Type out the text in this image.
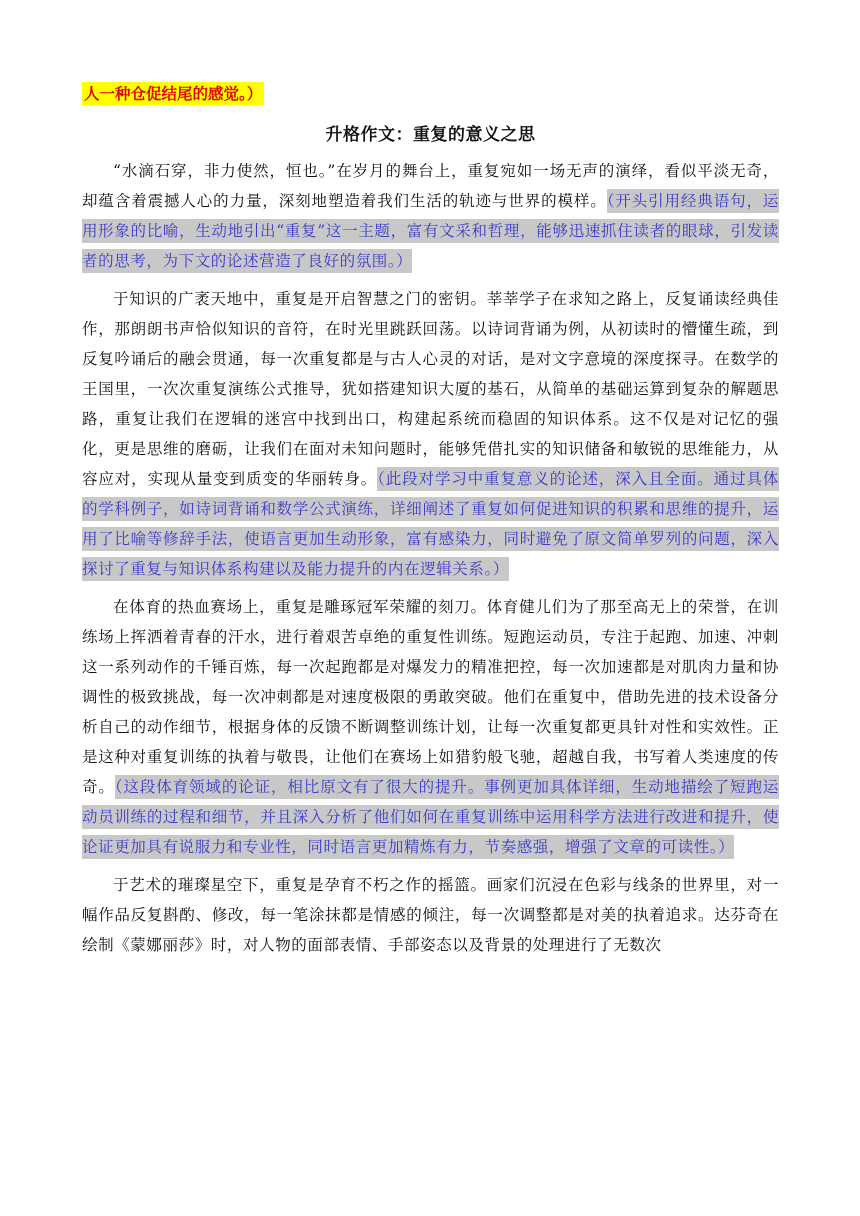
人一种仓促结尾的感觉。）

升格作文：重复的意义之思

“水滴石穿，非力使然，恒也。”在岁月的舞台上，重复宛如一场无声的演绎，看似平淡无奇，却蕴含着震撼人心的力量，深刻地塑造着我们生活的轨迹与世界的模样。（开头引用经典语句，运用形象的比喻，生动地引出“重复”这一主题，富有文采和哲理，能够迅速抓住读者的眼球，引发读者的思考，为下文的论述营造了良好的氛围。）

于知识的广袤天地中，重复是开启智慧之门的密钥。莘莘学子在求知之路上，反复诵读经典佳作，那朗朗书声恰似知识的音符，在时光里跳跃回荡。以诗词背诵为例，从初读时的懵懂生疏，到反复吟诵后的融会贯通，每一次重复都是与古人心灵的对话，是对文字意境的深度探寻。在数学的王国里，一次次重复演练公式推导，犹如搭建知识大厦的基石，从简单的基础运算到复杂的解题思路，重复让我们在逻辑的迷宫中找到出口，构建起系统而稳固的知识体系。这不仅是对记忆的强化，更是思维的磨砺，让我们在面对未知问题时，能够凭借扎实的知识储备和敏锐的思维能力，从容应对，实现从量变到质变的华丽转身。（此段对学习中重复意义的论述，深入且全面。通过具体的学科例子，如诗词背诵和数学公式演练，详细阐述了重复如何促进知识的积累和思维的提升，运用了比喻等修辞手法，使语言更加生动形象，富有感染力，同时避免了原文简单罗列的问题，深入探讨了重复与知识体系构建以及能力提升的内在逻辑关系。）

在体育的热血赛场上，重复是雕琢冠军荣耀的刻刀。体育健儿们为了那至高无上的荣誉，在训练场上挥洒着青春的汗水，进行着艰苦卓绝的重复性训练。短跑运动员，专注于起跑、加速、冲刺这一系列动作的千锤百炼，每一次起跑都是对爆发力的精准把控，每一次加速都是对肌肉力量和协调性的极致挑战，每一次冲刺都是对速度极限的勇敢突破。他们在重复中，借助先进的技术设备分析自己的动作细节，根据身体的反馈不断调整训练计划，让每一次重复都更具针对性和实效性。正是这种对重复训练的执着与敬畏，让他们在赛场上如猎豹般飞驰，超越自我，书写着人类速度的传奇。（这段体育领域的论证，相比原文有了很大的提升。事例更加具体详细，生动地描绘了短跑运动员训练的过程和细节，并且深入分析了他们如何在重复训练中运用科学方法进行改进和提升，使论证更加具有说服力和专业性，同时语言更加精炼有力，节奏感强，增强了文章的可读性。）

于艺术的璀璨星空下，重复是孕育不朽之作的摇篮。画家们沉浸在色彩与线条的世界里，对一幅作品反复斟酌、修改，每一笔涂抹都是情感的倾注，每一次调整都是对美的执着追求。达芬奇在绘制《蒙娜丽莎》时，对人物的面部表情、手部姿态以及背景的处理进行了无数次
